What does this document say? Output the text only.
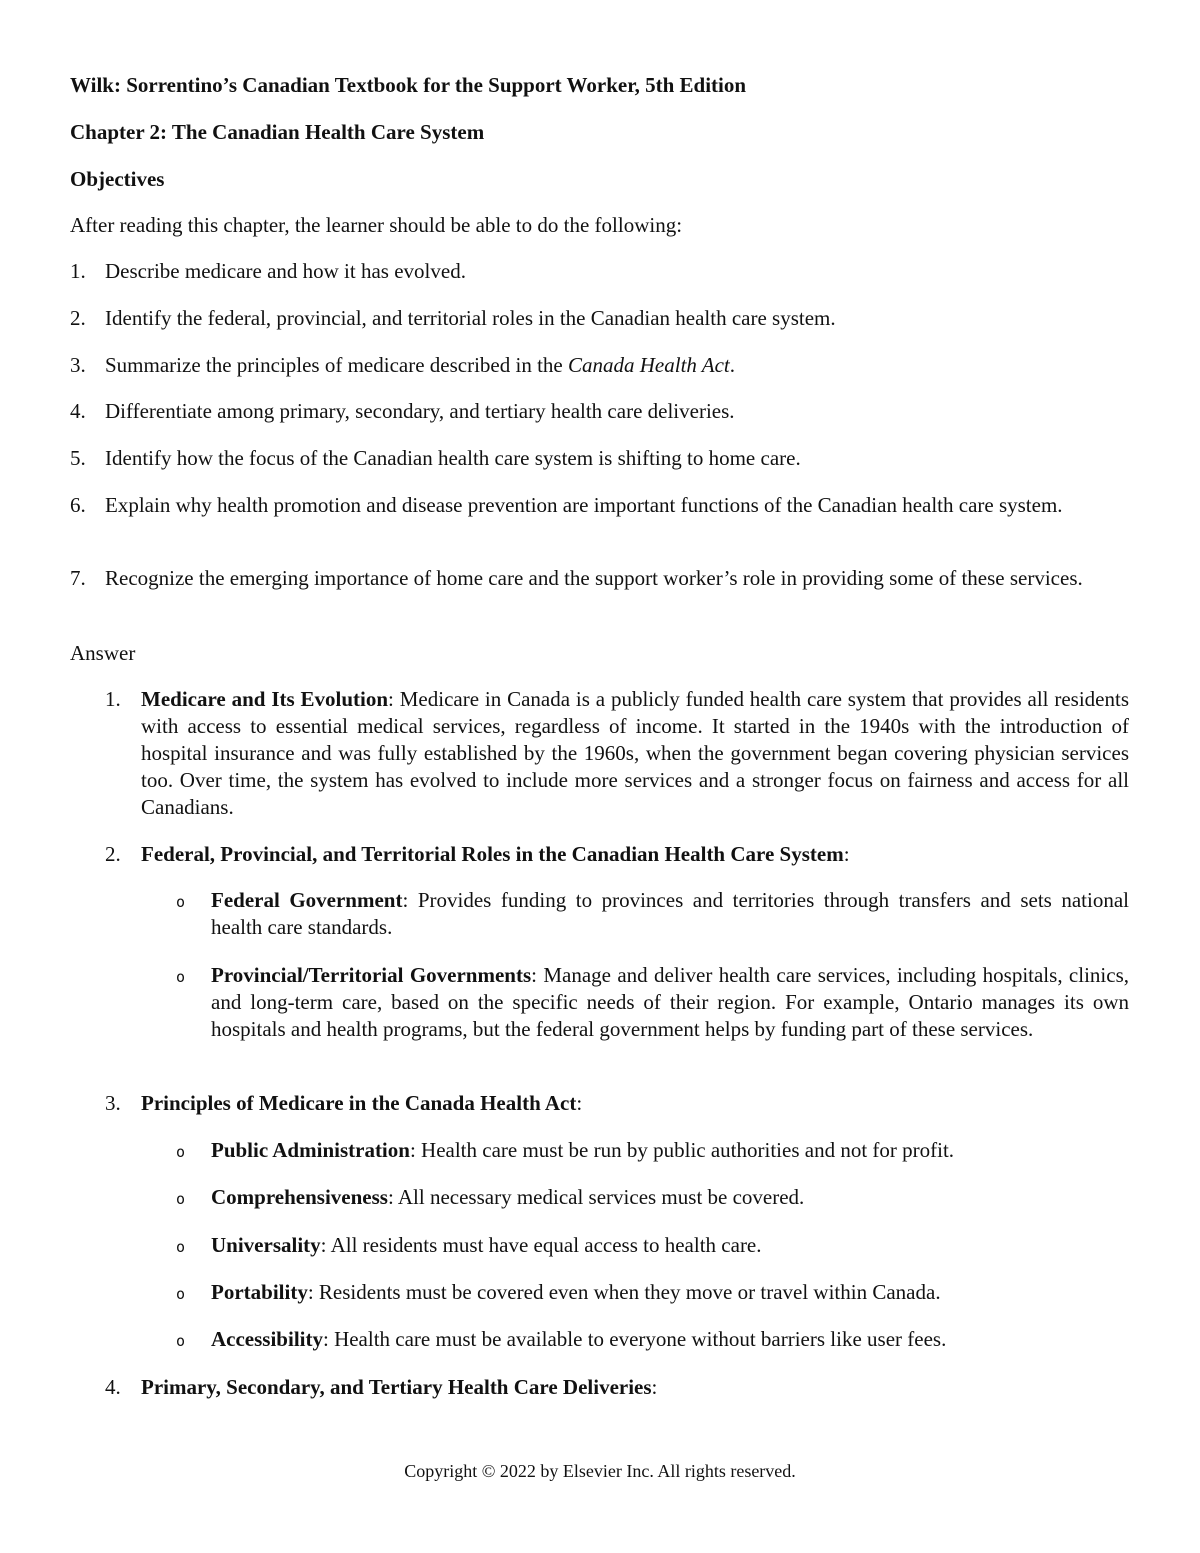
Wilk: Sorrentino’s Canadian Textbook for the Support Worker, 5th Edition
Chapter 2: The Canadian Health Care System
Objectives
After reading this chapter, the learner should be able to do the following:
1. Describe medicare and how it has evolved.
2. Identify the federal, provincial, and territorial roles in the Canadian health care system.
3. Summarize the principles of medicare described in the Canada Health Act.
4. Differentiate among primary, secondary, and tertiary health care deliveries.
5. Identify how the focus of the Canadian health care system is shifting to home care.
6. Explain why health promotion and disease prevention are important functions of the Canadian health care system.
7. Recognize the emerging importance of home care and the support worker’s role in providing some of these services.
Answer
1. Medicare and Its Evolution: Medicare in Canada is a publicly funded health care system that provides all residents with access to essential medical services, regardless of income. It started in the 1940s with the introduction of hospital insurance and was fully established by the 1960s, when the government began covering physician services too. Over time, the system has evolved to include more services and a stronger focus on fairness and access for all Canadians.
2. Federal, Provincial, and Territorial Roles in the Canadian Health Care System:
o Federal Government: Provides funding to provinces and territories through transfers and sets national health care standards.
o Provincial/Territorial Governments: Manage and deliver health care services, including hospitals, clinics, and long-term care, based on the specific needs of their region. For example, Ontario manages its own hospitals and health programs, but the federal government helps by funding part of these services.
3. Principles of Medicare in the Canada Health Act:
o Public Administration: Health care must be run by public authorities and not for profit.
o Comprehensiveness: All necessary medical services must be covered.
o Universality: All residents must have equal access to health care.
o Portability: Residents must be covered even when they move or travel within Canada.
o Accessibility: Health care must be available to everyone without barriers like user fees.
4. Primary, Secondary, and Tertiary Health Care Deliveries:
Copyright © 2022 by Elsevier Inc. All rights reserved.
